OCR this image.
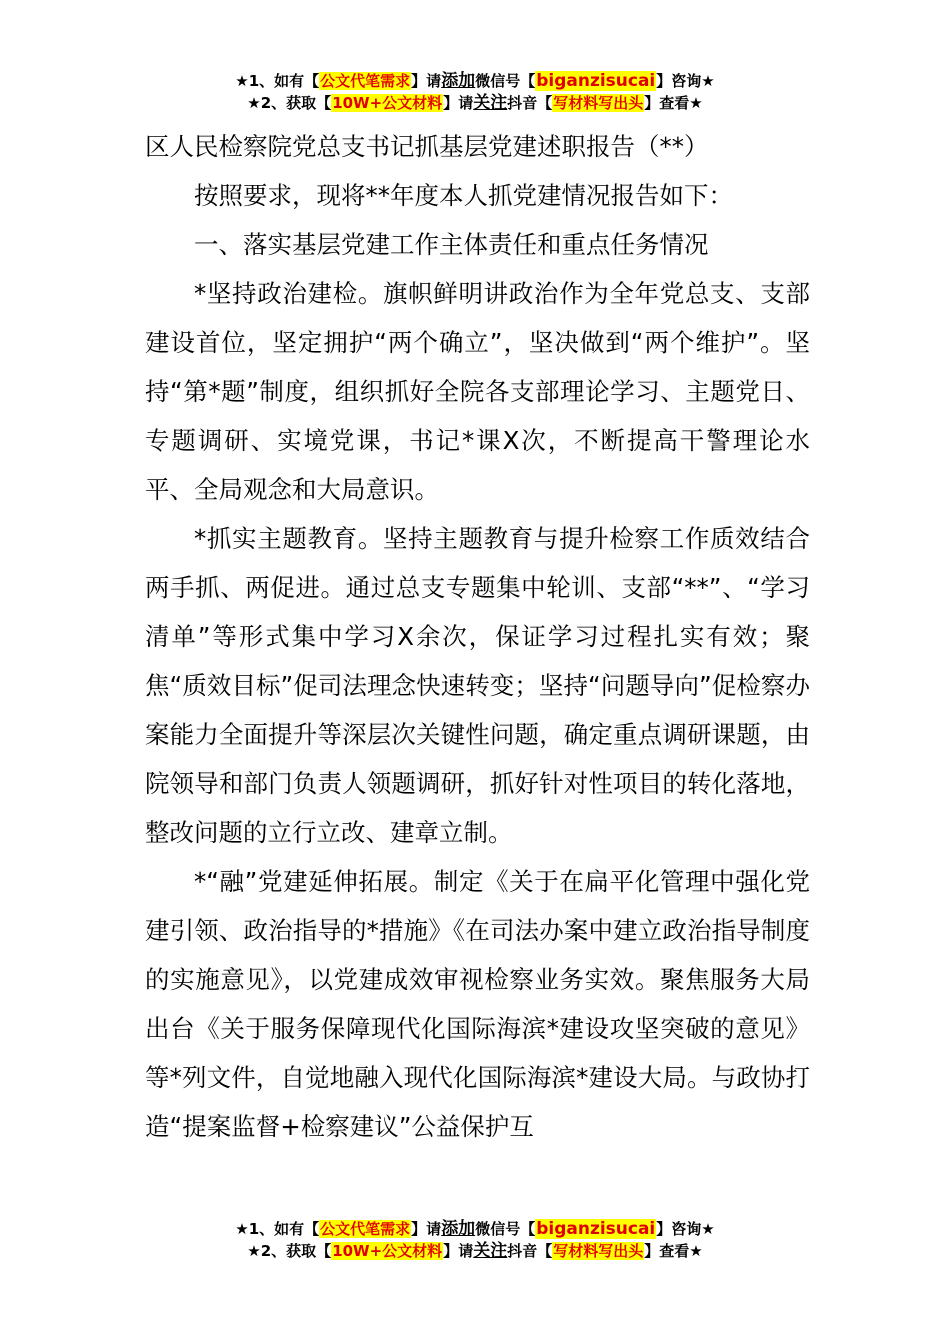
★1、如有【公文代笔需求】请添加微信号【biganzisucai】咨询★
★2、获取【10W+公文材料】请关注抖音【写材料写出头】查看★
区人民检察院党总支书记抓基层党建述职报告（**）

按照要求，现将**年度本人抓党建情况报告如下：

一、落实基层党建工作主体责任和重点任务情况

*坚持政治建检。旗帜鲜明讲政治作为全年党总支、支部建设首位，坚定拥护“两个确立”，坚决做到“两个维护”。坚持“第*题”制度，组织抓好全院各支部理论学习、主题党日、专题调研、实境党课，书记*课X次，不断提高干警理论水平、全局观念和大局意识。

*抓实主题教育。坚持主题教育与提升检察工作质效结合两手抓、两促进。通过总支专题集中轮训、支部“**”、“学习清单”等形式集中学习X余次，保证学习过程扎实有效；聚焦“质效目标”促司法理念快速转变；坚持“问题导向”促检察办案能力全面提升等深层次关键性问题，确定重点调研课题，由院领导和部门负责人领题调研，抓好针对性项目的转化落地，整改问题的立行立改、建章立制。

*“融”党建延伸拓展。制定《关于在扁平化管理中强化党建引领、政治指导的*措施》《在司法办案中建立政治指导制度的实施意见》，以党建成效审视检察业务实效。聚焦服务大局出台《关于服务保障现代化国际海滨*建设攻坚突破的意见》等*列文件，自觉地融入现代化国际海滨*建设大局。与政协打造“提案监督+检察建议”公益保护互

★1、如有【公文代笔需求】请添加微信号【biganzisucai】咨询★
★2、获取【10W+公文材料】请关注抖音【写材料写出头】查看★
